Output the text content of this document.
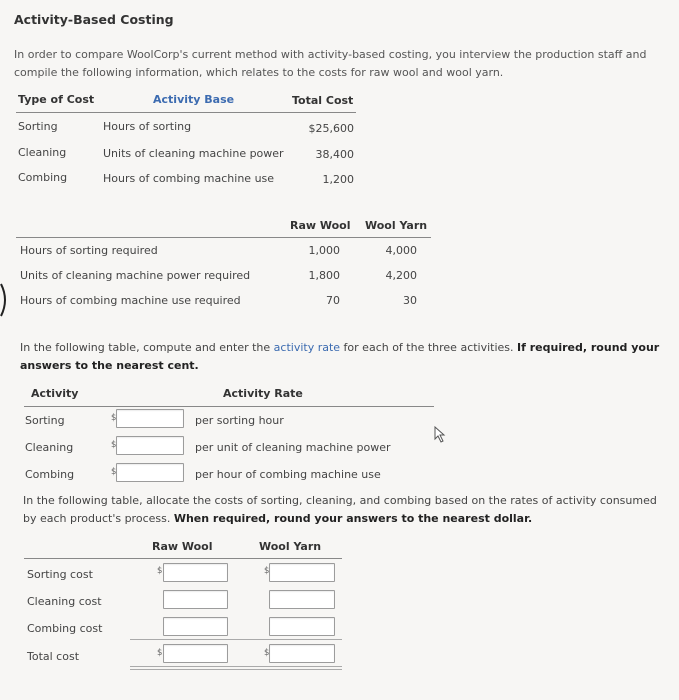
Activity-Based Costing
In order to compare WoolCorp's current method with activity-based costing, you interview the production staff and compile the following information, which relates to the costs for raw wool and wool yarn.
Type of Cost	Activity Base	Total Cost
Sorting	Hours of sorting	$25,600
Cleaning	Units of cleaning machine power	38,400
Combing	Hours of combing machine use	1,200
Raw Wool Wool Yarn
Hours of sorting required	1,000	4,000
Units of cleaning machine power required	1,800	4,200
Hours of combing machine use required	70	30
In the following table, compute and enter the activity rate for each of the three activities. If required, round your answers to the nearest cent.
Activity	Activity Rate
Sorting	$	per sorting hour
Cleaning	$	per unit of cleaning machine power
Combing	$	per hour of combing machine use
In the following table, allocate the costs of sorting, cleaning, and combing based on the rates of activity consumed by each product's process. When required, round your answers to the nearest dollar.
Raw Wool	Wool Yarn
Sorting cost	$	$
Cleaning cost
Combing cost
Total cost	$	$
